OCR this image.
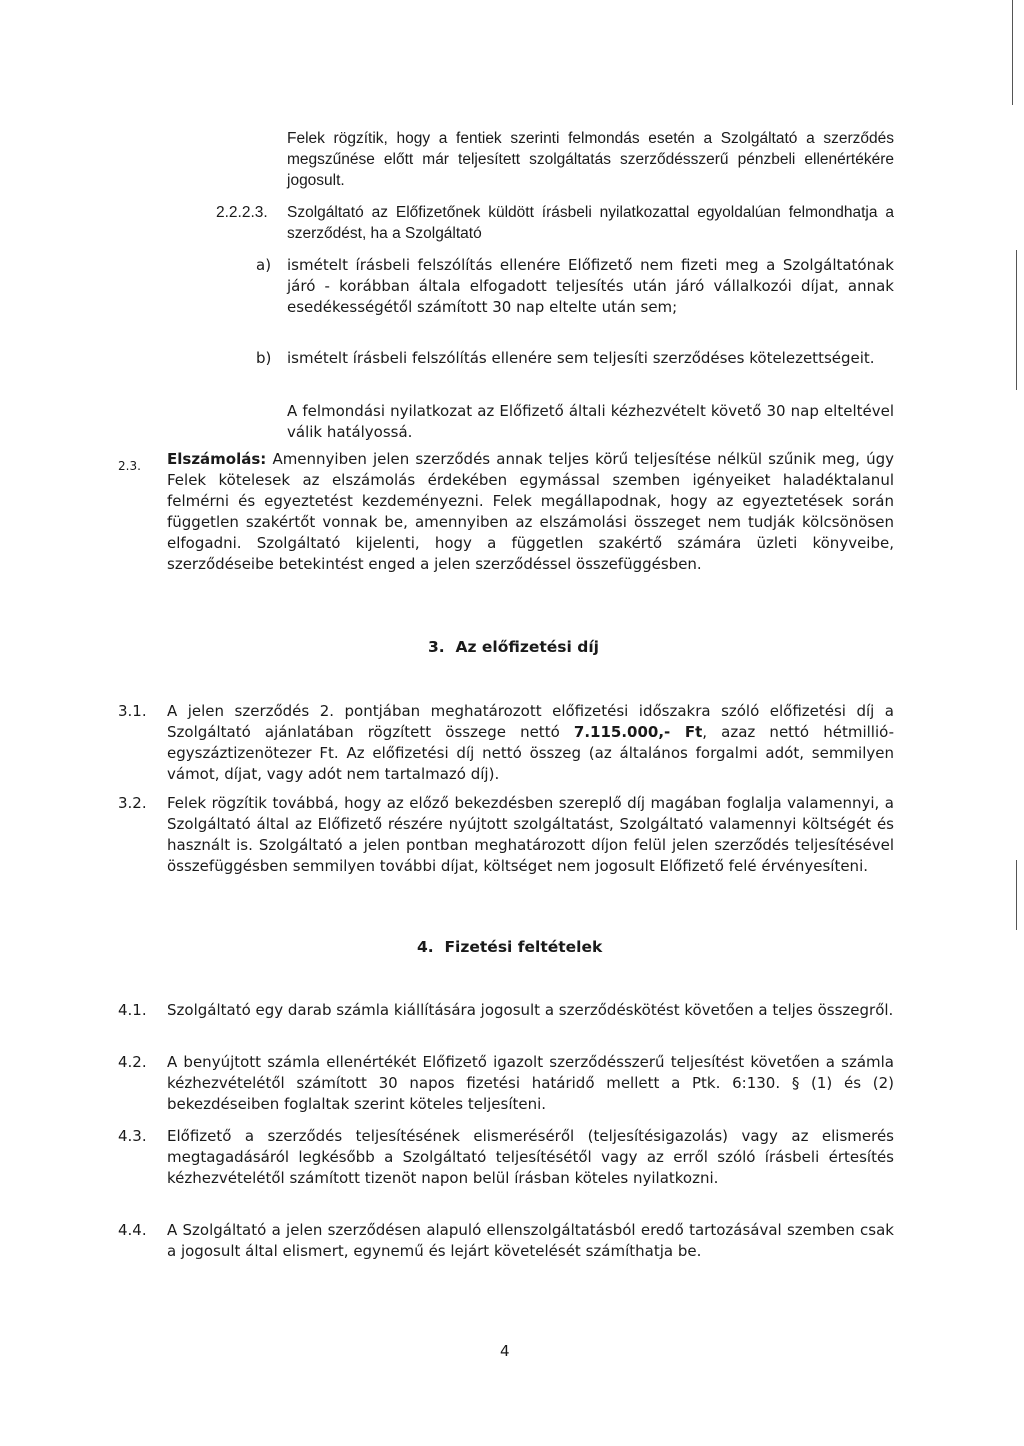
Felek rögzítik, hogy a fentiek szerinti felmondás esetén a Szolgáltató a szerződés megszűnése előtt már teljesített szolgáltatás szerződésszerű pénzbeli ellenértékére jogosult.

2.2.2.3. Szolgáltató az Előfizetőnek küldött írásbeli nyilatkozattal egyoldalúan felmondhatja a szerződést, ha a Szolgáltató

a) ismételt írásbeli felszólítás ellenére Előfizető nem fizeti meg a Szolgáltatónak járó - korábban általa elfogadott teljesítés után járó vállalkozói díjat, annak esedékességétől számított 30 nap eltelte után sem;

b) ismételt írásbeli felszólítás ellenére sem teljesíti szerződéses kötelezettségeit.

A felmondási nyilatkozat az Előfizető általi kézhezvételt követő 30 nap elteltével válik hatályossá.

2.3. Elszámolás: Amennyiben jelen szerződés annak teljes körű teljesítése nélkül szűnik meg, úgy Felek kötelesek az elszámolás érdekében egymással szemben igényeiket haladéktalanul felmérni és egyeztetést kezdeményezni. Felek megállapodnak, hogy az egyeztetések során független szakértőt vonnak be, amennyiben az elszámolási összeget nem tudják kölcsönösen elfogadni. Szolgáltató kijelenti, hogy a független szakértő számára üzleti könyveibe, szerződéseibe betekintést enged a jelen szerződéssel összefüggésben.

3.  Az előfizetési díj
3.1. A jelen szerződés 2. pontjában meghatározott előfizetési időszakra szóló előfizetési díj a Szolgáltató ajánlatában rögzített összege nettó 7.115.000,- Ft, azaz nettó hétmillió-egyszáztizenötezer Ft. Az előfizetési díj nettó összeg (az általános forgalmi adót, semmilyen vámot, díjat, vagy adót nem tartalmazó díj).

3.2. Felek rögzítik továbbá, hogy az előző bekezdésben szereplő díj magában foglalja valamennyi, a Szolgáltató által az Előfizető részére nyújtott szolgáltatást, Szolgáltató valamennyi költségét és használt is. Szolgáltató a jelen pontban meghatározott díjon felül jelen szerződés teljesítésével összefüggésben semmilyen további díjat, költséget nem jogosult Előfizető felé érvényesíteni.

4.  Fizetési feltételek
4.1. Szolgáltató egy darab számla kiállítására jogosult a szerződéskötést követően a teljes összegről.

4.2. A benyújtott számla ellenértékét Előfizető igazolt szerződésszerű teljesítést követően a számla kézhezvételétől számított 30 napos fizetési határidő mellett a Ptk. 6:130. § (1) és (2) bekezdéseiben foglaltak szerint köteles teljesíteni.

4.3. Előfizető a szerződés teljesítésének elismeréséről (teljesítésigazolás) vagy az elismerés megtagadásáról legkésőbb a Szolgáltató teljesítésétől vagy az erről szóló írásbeli értesítés kézhezvételétől számított tizenöt napon belül írásban köteles nyilatkozni.

4.4. A Szolgáltató a jelen szerződésen alapuló ellenszolgáltatásból eredő tartozásával szemben csak a jogosult által elismert, egynemű és lejárt követelését számíthatja be.

4
